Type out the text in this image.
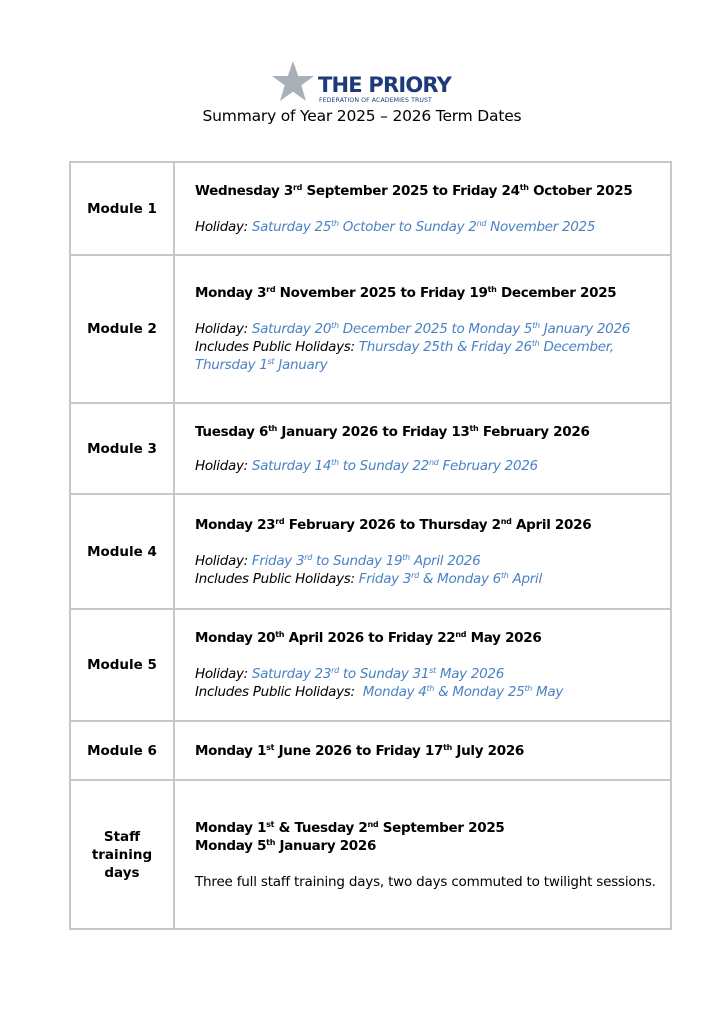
THE PRIORY
FEDERATION OF ACADEMIES TRUST
Summary of Year 2025 – 2026 Term Dates
Module 1	Wednesday 3rd September 2025 to Friday 24th October 2025
Holiday: Saturday 25th October to Sunday 2nd November 2025

Module 2	Monday 3rd November 2025 to Friday 19th December 2025
Holiday: Saturday 20th December 2025 to Monday 5th January 2026
Includes Public Holidays: Thursday 25th & Friday 26th December, Thursday 1st January

Module 3	Tuesday 6th January 2026 to Friday 13th February 2026
Holiday: Saturday 14th to Sunday 22nd February 2026

Module 4	Monday 23rd February 2026 to Thursday 2nd April 2026
Holiday: Friday 3rd to Sunday 19th April 2026
Includes Public Holidays: Friday 3rd & Monday 6th April

Module 5	Monday 20th April 2026 to Friday 22nd May 2026
Holiday: Saturday 23rd to Sunday 31st May 2026
Includes Public Holidays:  Monday 4th & Monday 25th May

Module 6	Monday 1st June 2026 to Friday 17th July 2026

Staff training days	Monday 1st & Tuesday 2nd September 2025
Monday 5th January 2026
Three full staff training days, two days commuted to twilight sessions.
